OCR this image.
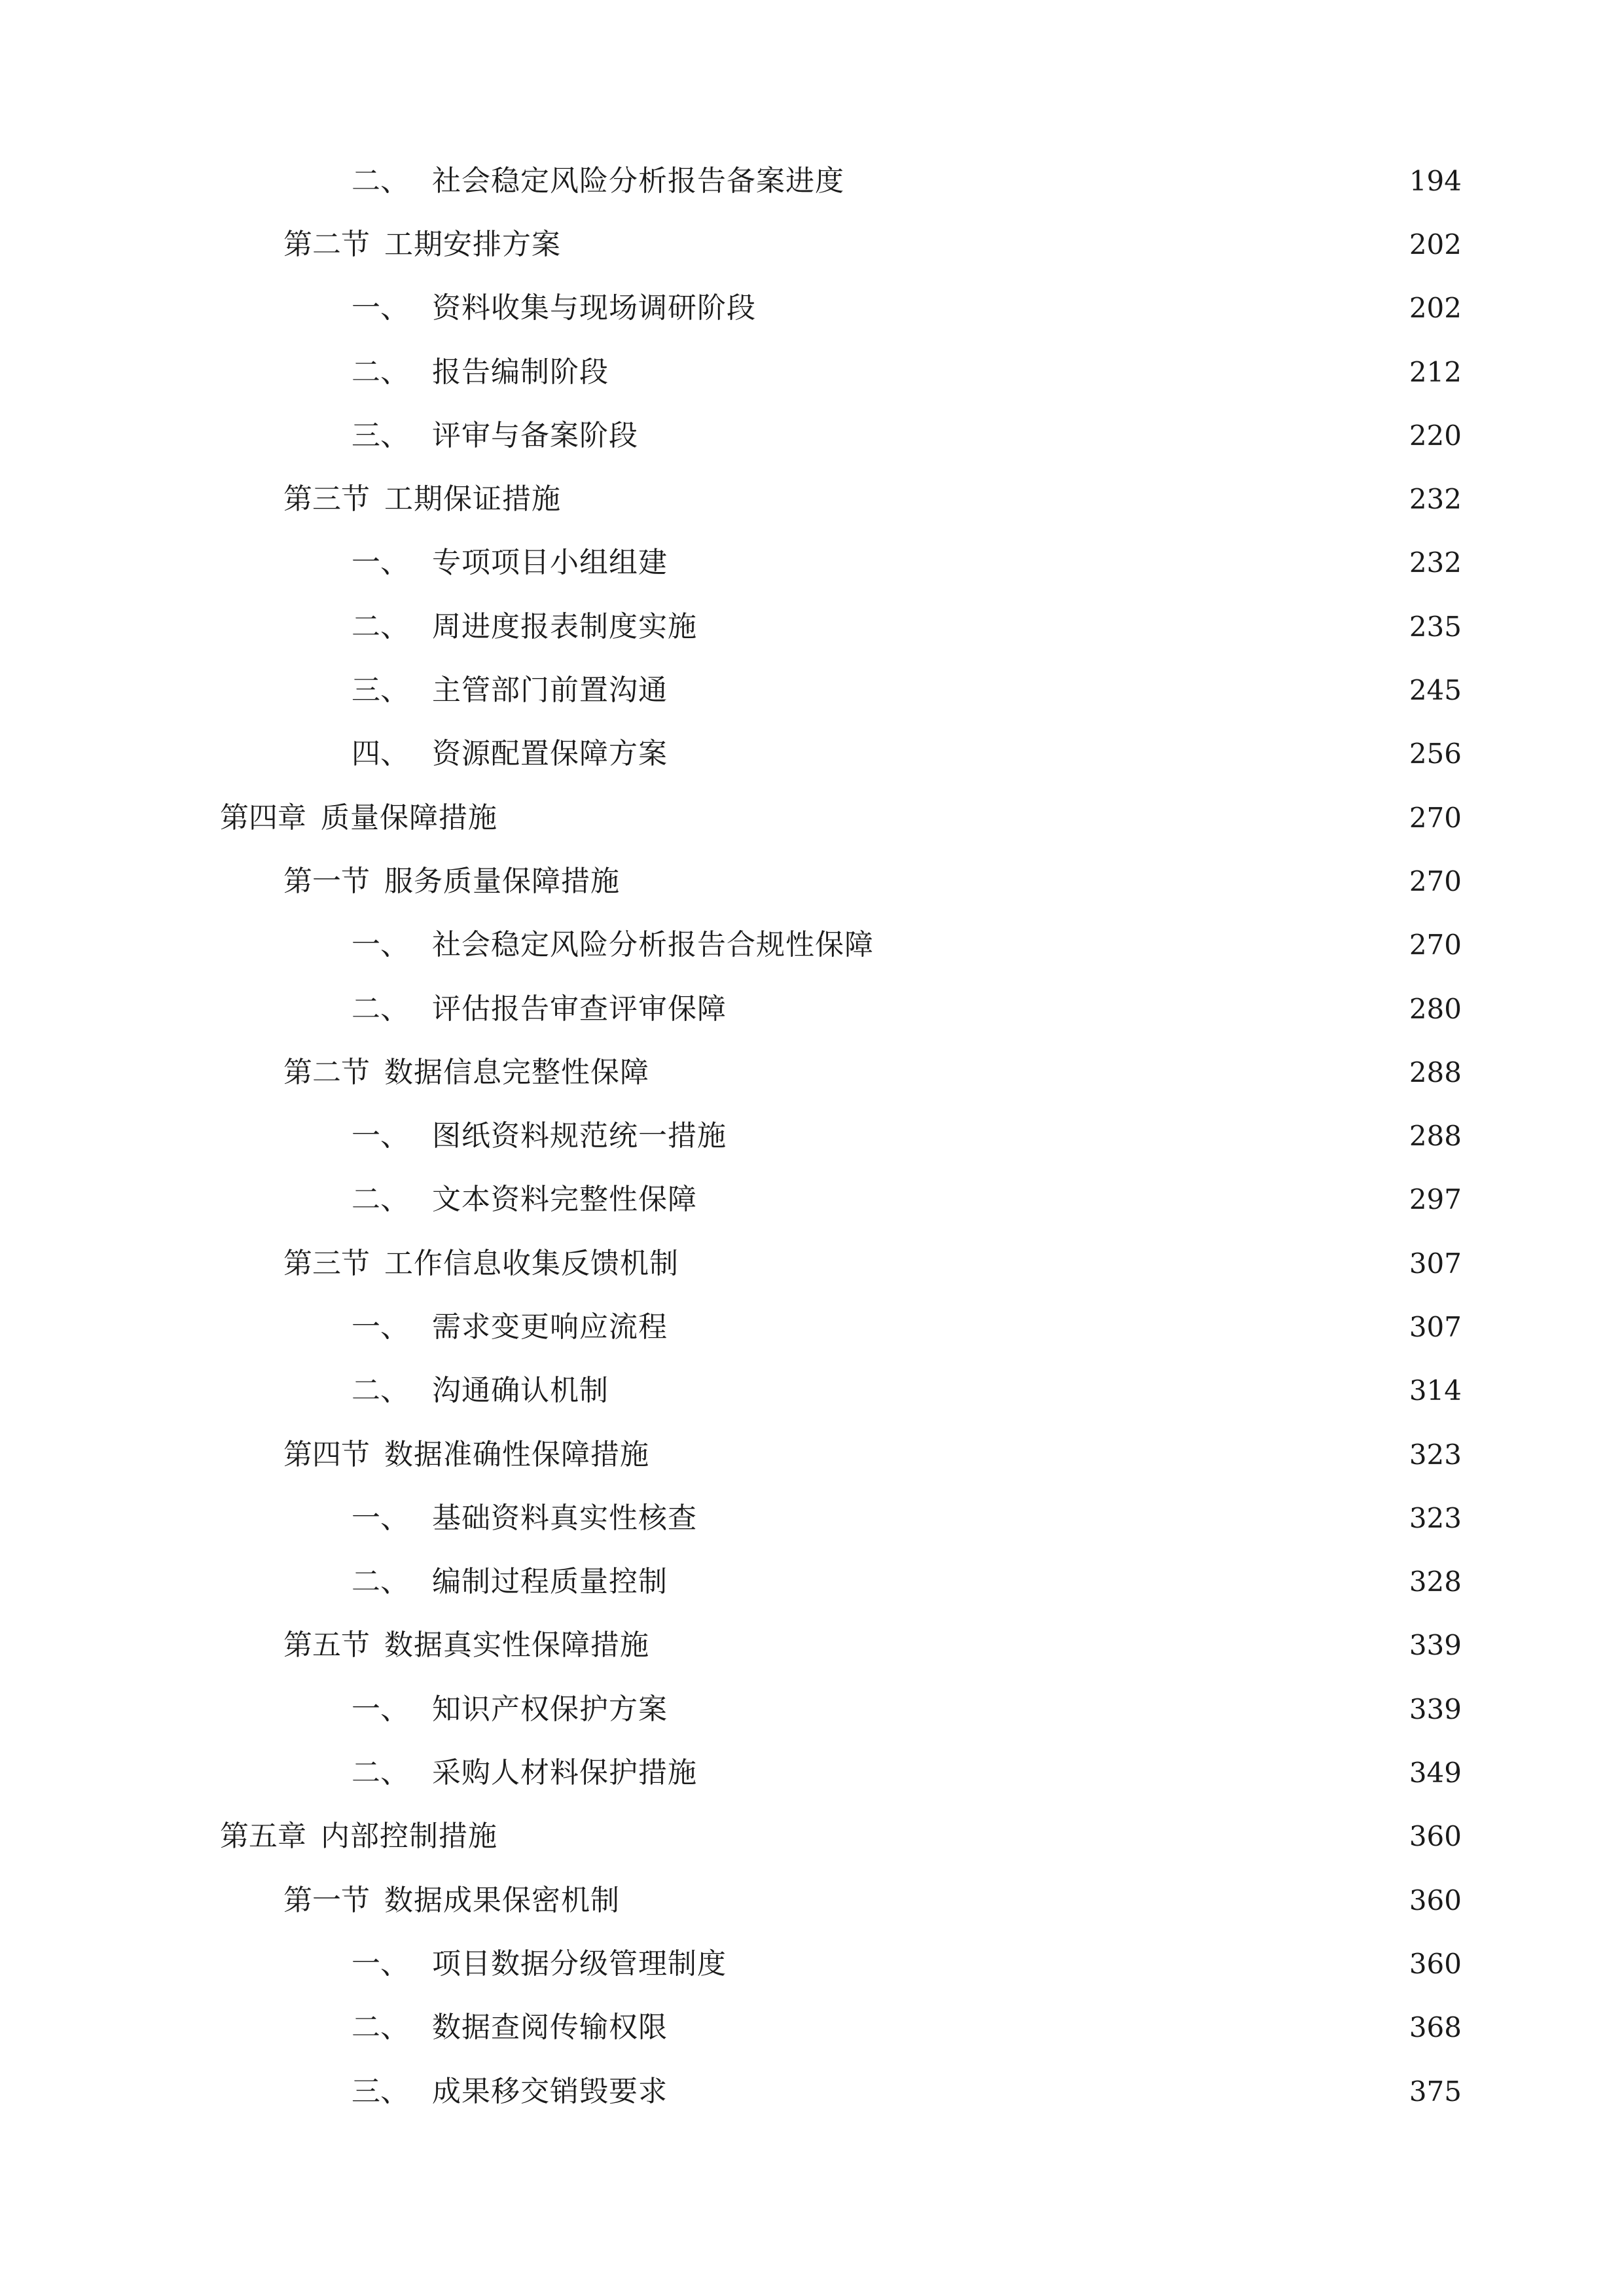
二、 社会稳定风险分析报告备案进度	194
第二节 工期安排方案	202
一、 资料收集与现场调研阶段	202
二、 报告编制阶段	212
三、 评审与备案阶段	220
第三节 工期保证措施	232
一、 专项项目小组组建	232
二、 周进度报表制度实施	235
三、 主管部门前置沟通	245
四、 资源配置保障方案	256
第四章 质量保障措施	270
第一节 服务质量保障措施	270
一、 社会稳定风险分析报告合规性保障	270
二、 评估报告审查评审保障	280
第二节 数据信息完整性保障	288
一、 图纸资料规范统一措施	288
二、 文本资料完整性保障	297
第三节 工作信息收集反馈机制	307
一、 需求变更响应流程	307
二、 沟通确认机制	314
第四节 数据准确性保障措施	323
一、 基础资料真实性核查	323
二、 编制过程质量控制	328
第五节 数据真实性保障措施	339
一、 知识产权保护方案	339
二、 采购人材料保护措施	349
第五章 内部控制措施	360
第一节 数据成果保密机制	360
一、 项目数据分级管理制度	360
二、 数据查阅传输权限	368
三、 成果移交销毁要求	375
